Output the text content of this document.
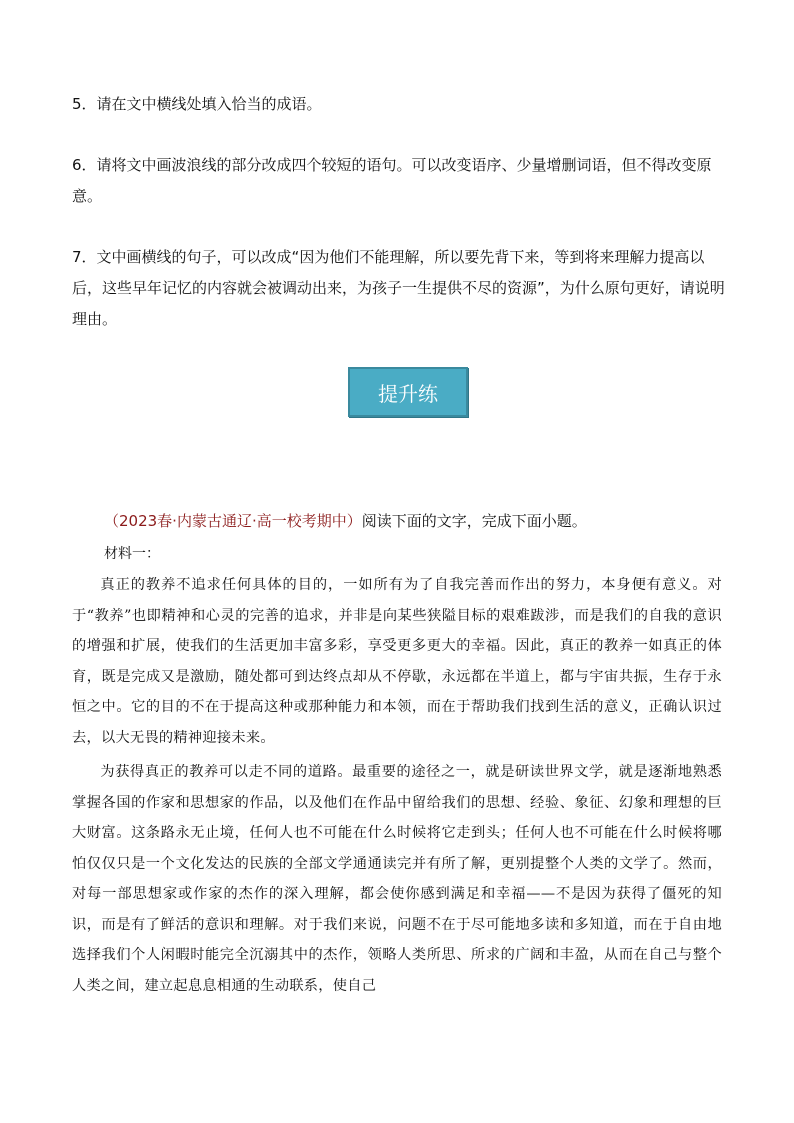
5．请在文中横线处填入恰当的成语。

6．请将文中画波浪线的部分改成四个较短的语句。可以改变语序、少量增删词语，但不得改变原意。

7．文中画横线的句子，可以改成“因为他们不能理解，所以要先背下来，等到将来理解力提高以后，这些早年记忆的内容就会被调动出来，为孩子一生提供不尽的资源”，为什么原句更好，请说明理由。

提升练
（2023春·内蒙古通辽·高一校考期中）阅读下面的文字，完成下面小题。
材料一：

真正的教养不追求任何具体的目的，一如所有为了自我完善而作出的努力，本身便有意义。对于“教养”也即精神和心灵的完善的追求，并非是向某些狭隘目标的艰难跋涉，而是我们的自我的意识的增强和扩展，使我们的生活更加丰富多彩，享受更多更大的幸福。因此，真正的教养一如真正的体育，既是完成又是激励，随处都可到达终点却从不停歇，永远都在半道上，都与宇宙共振，生存于永恒之中。它的目的不在于提高这种或那种能力和本领，而在于帮助我们找到生活的意义，正确认识过去，以大无畏的精神迎接未来。

为获得真正的教养可以走不同的道路。最重要的途径之一，就是研读世界文学，就是逐渐地熟悉掌握各国的作家和思想家的作品，以及他们在作品中留给我们的思想、经验、象征、幻象和理想的巨大财富。这条路永无止境，任何人也不可能在什么时候将它走到头；任何人也不可能在什么时候将哪怕仅仅只是一个文化发达的民族的全部文学通通读完并有所了解，更别提整个人类的文学了。然而，对每一部思想家或作家的杰作的深入理解，都会使你感到满足和幸福——不是因为获得了僵死的知识，而是有了鲜活的意识和理解。对于我们来说，问题不在于尽可能地多读和多知道，而在于自由地选择我们个人闲暇时能完全沉溺其中的杰作，领略人类所思、所求的广阔和丰盈，从而在自己与整个人类之间，建立起息息相通的生动联系，使自己
